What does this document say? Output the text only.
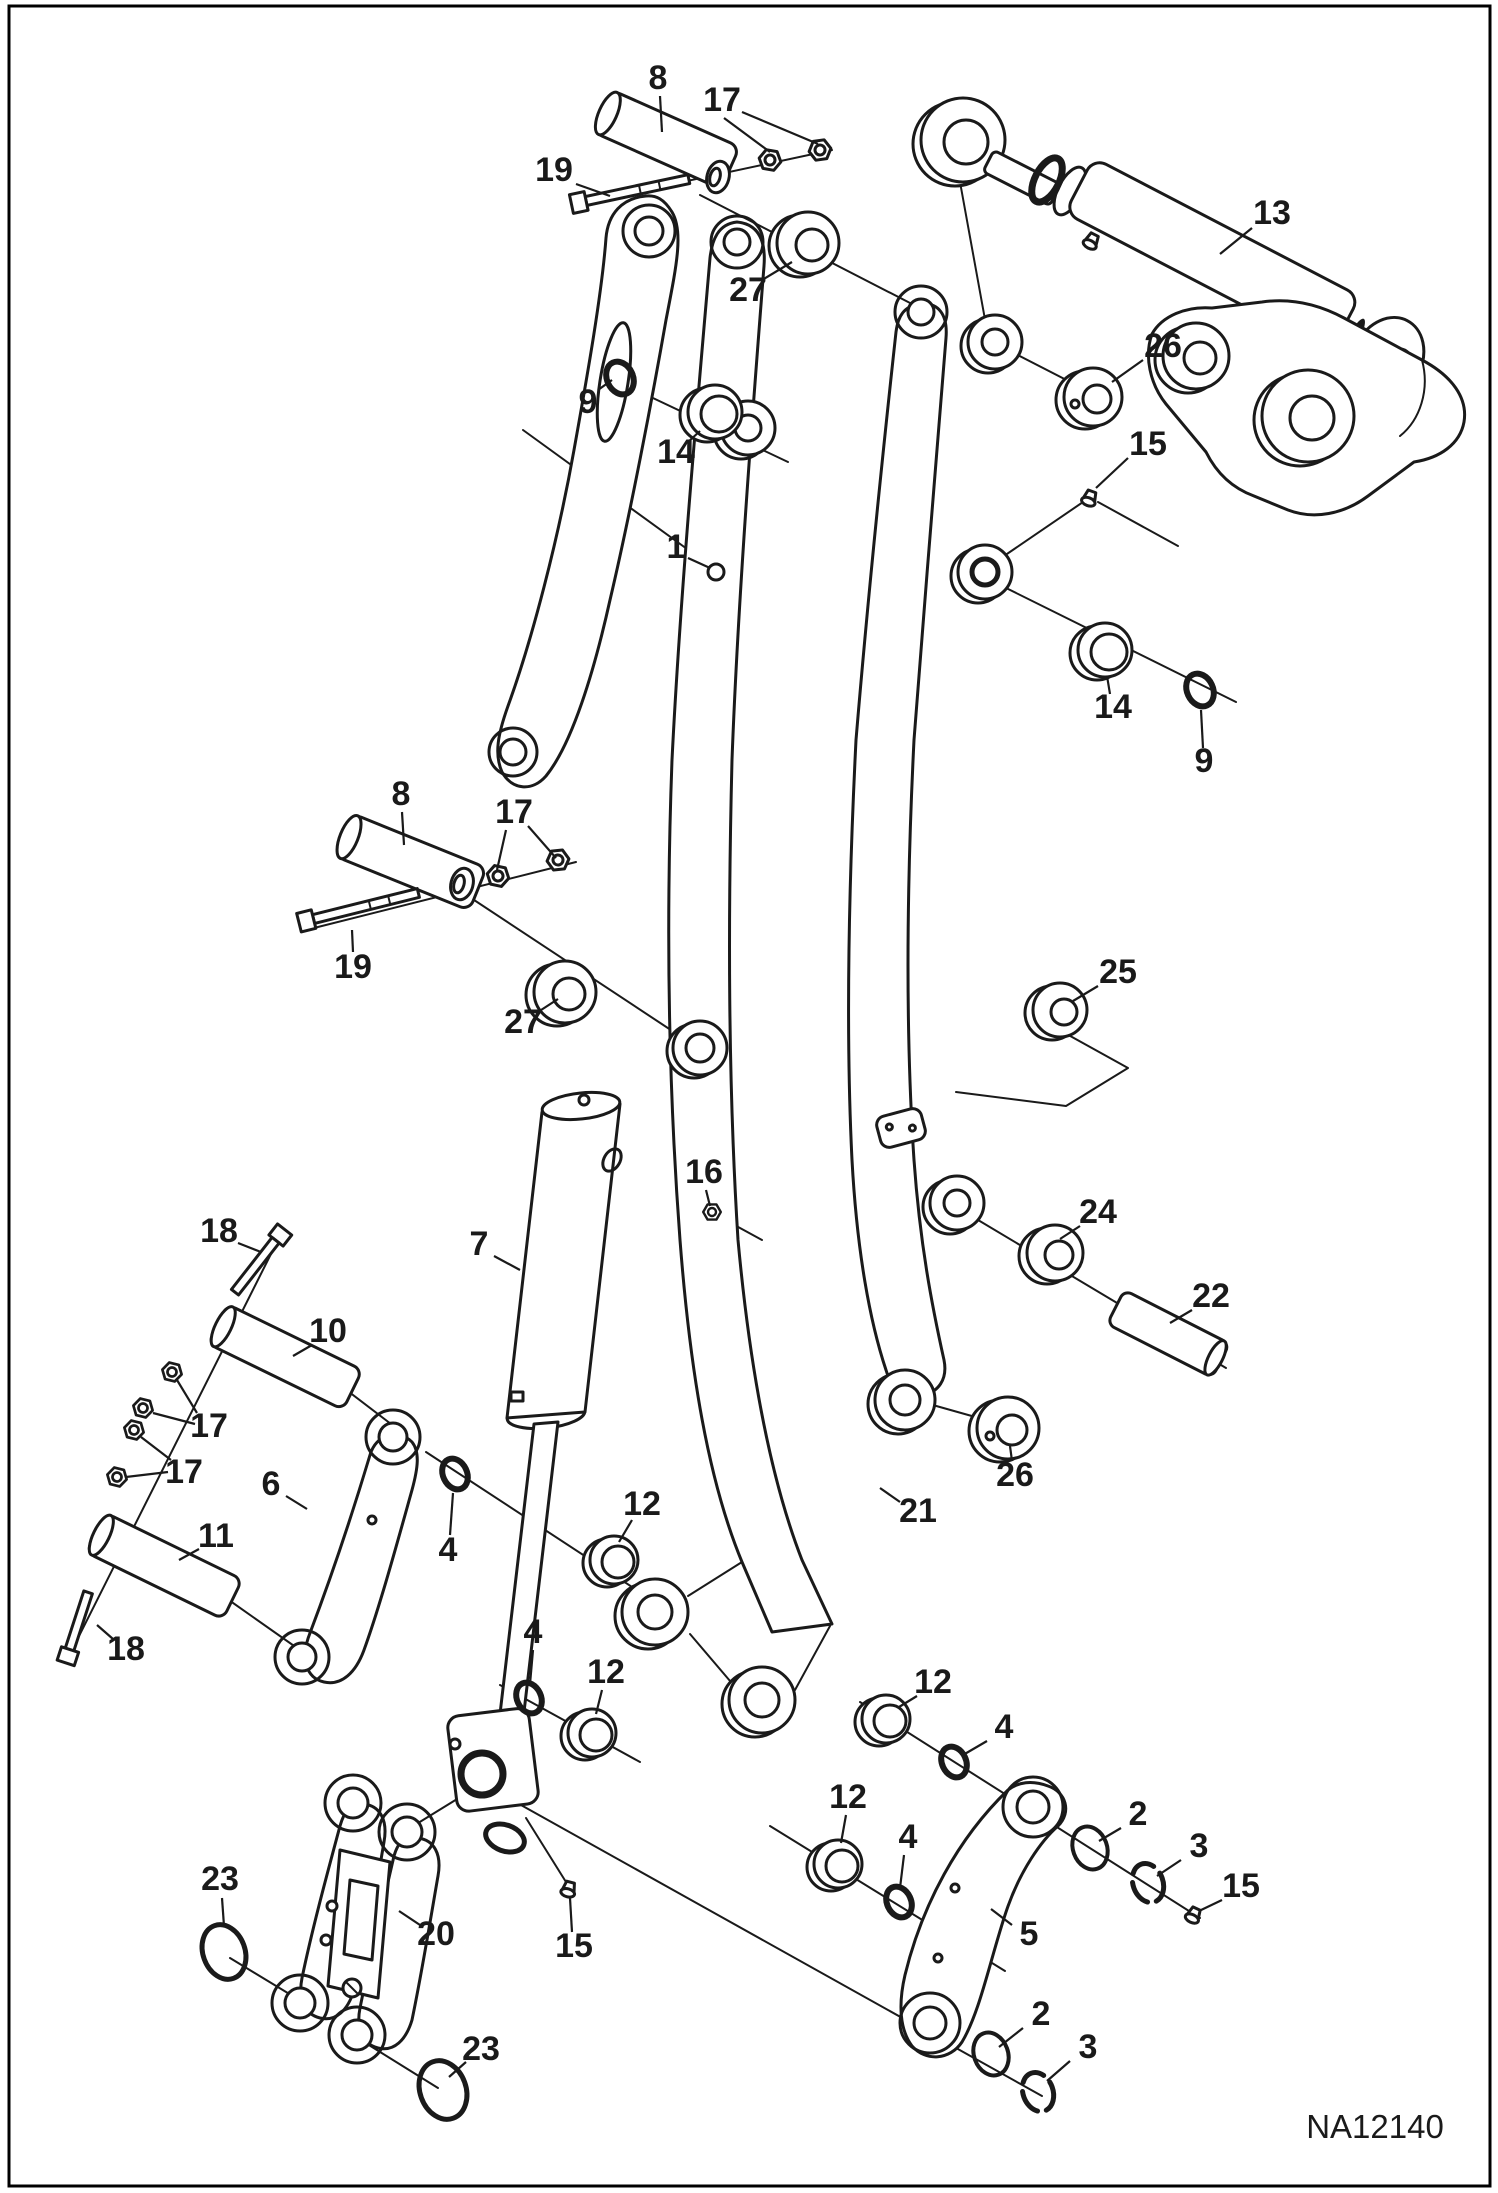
8
17
19
27
13
26
15
9
14
1
14
9
8 17
19
27
25
24
22
26
21
16
7
18
10
17
17 6
11
18
4
12
4
12	12
4
12
4
2
3
15
5
2
3
23
20	15
23
NA12140
